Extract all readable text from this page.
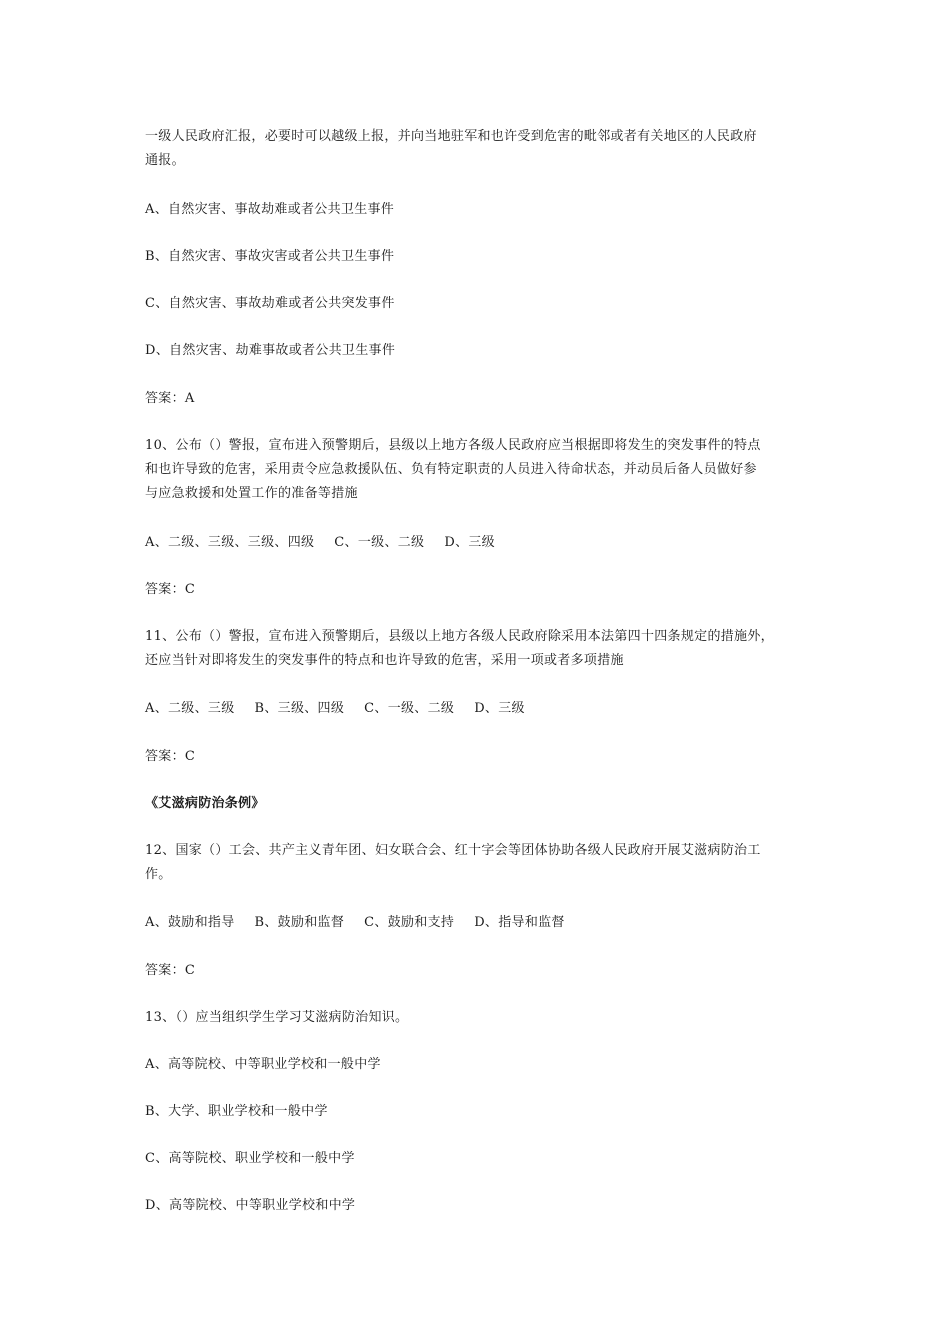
一级人民政府汇报，必要时可以越级上报，并向当地驻军和也许受到危害的毗邻或者有关地区的人民政府
通报。
A、自然灾害、事故劫难或者公共卫生事件
B、自然灾害、事故灾害或者公共卫生事件
C、自然灾害、事故劫难或者公共突发事件
D、自然灾害、劫难事故或者公共卫生事件
答案：A
10、公布（）警报，宣布进入预警期后，县级以上地方各级人民政府应当根据即将发生的突发事件的特点
和也许导致的危害，采用责令应急救援队伍、负有特定职责的人员进入待命状态，并动员后备人员做好参
与应急救援和处置工作的准备等措施
A、二级、三级、三级、四级 C、一级、二级 D、三级
答案：C
11、公布（）警报，宣布进入预警期后，县级以上地方各级人民政府除采用本法第四十四条规定的措施外，
还应当针对即将发生的突发事件的特点和也许导致的危害，采用一项或者多项措施
A、二级、三级 B、三级、四级 C、一级、二级 D、三级
答案：C
《艾滋病防治条例》
12、国家（）工会、共产主义青年团、妇女联合会、红十字会等团体协助各级人民政府开展艾滋病防治工
作。
A、鼓励和指导 B、鼓励和监督 C、鼓励和支持 D、指导和监督
答案：C
13、（）应当组织学生学习艾滋病防治知识。
A、高等院校、中等职业学校和一般中学
B、大学、职业学校和一般中学
C、高等院校、职业学校和一般中学
D、高等院校、中等职业学校和中学
